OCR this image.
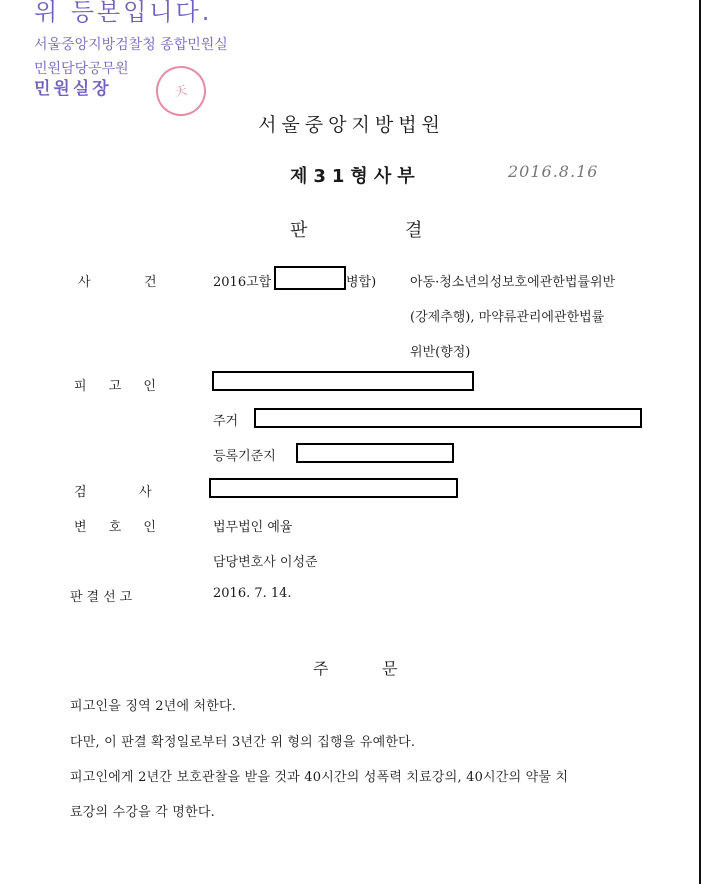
위 등본입니다.
서울중앙지방검찰청 종합민원실
민원담당공무원
민원실장	天
서울중앙지방법원
제31형사부	2016.8.16
판	결
사	건	2016고합	병합)	아동·청소년의성보호에관한법률위반
(강제추행), 마약류관리에관한법률
위반(향정)
피 고 인
주거
등록기준지
검	사
변 호 인	법무법인 예율
담당변호사 이성준
판결선고	2016. 7. 14.
주	문
피고인을 징역 2년에 처한다.
다만, 이 판결 확정일로부터 3년간 위 형의 집행을 유예한다.
피고인에게 2년간 보호관찰을 받을 것과 40시간의 성폭력 치료강의, 40시간의 약물 치
료강의 수강을 각 명한다.
